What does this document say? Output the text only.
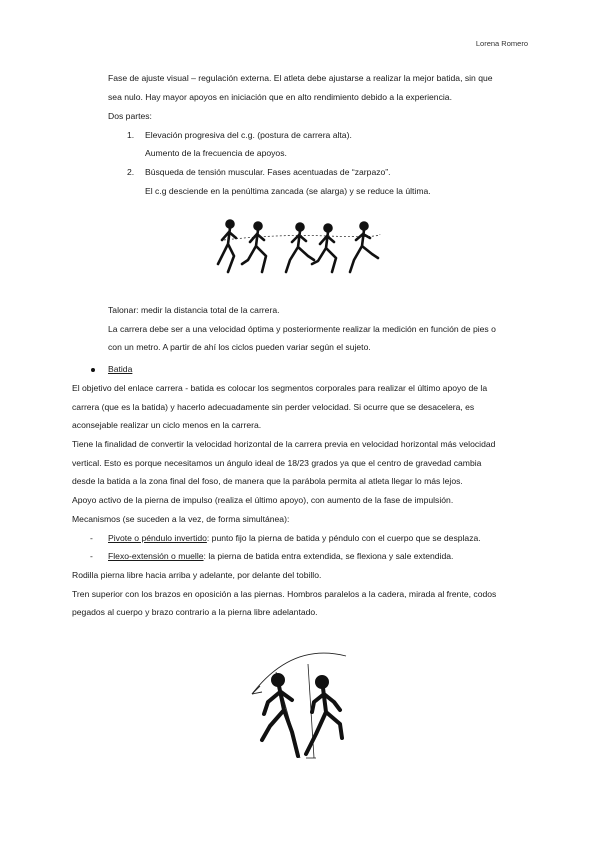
Lorena Romero
Fase de ajuste visual – regulación externa. El atleta debe ajustarse a realizar la mejor batida, sin que
sea nulo. Hay mayor apoyos en iniciación que en alto rendimiento debido a la experiencia.
Dos partes:
1. Elevación progresiva del c.g. (postura de carrera alta).
Aumento de la frecuencia de apoyos.
2. Búsqueda de tensión muscular. Fases acentuadas de “zarpazo”.
El c.g desciende en la penúltima zancada (se alarga) y se reduce la última.
Talonar: medir la distancia total de la carrera.
La carrera debe ser a una velocidad óptima y posteriormente realizar la medición en función de pies o
con un metro. A partir de ahí los ciclos pueden variar según el sujeto.
Batida
El objetivo del enlace carrera - batida es colocar los segmentos corporales para realizar el último apoyo de la
carrera (que es la batida) y hacerlo adecuadamente sin perder velocidad. Si ocurre que se desacelera, es
aconsejable realizar un ciclo menos en la carrera.
Tiene la finalidad de convertir la velocidad horizontal de la carrera previa en velocidad horizontal más velocidad
vertical. Esto es porque necesitamos un ángulo ideal de 18/23 grados ya que el centro de gravedad cambia
desde la batida a la zona final del foso, de manera que la parábola permita al atleta llegar lo más lejos.
Apoyo activo de la pierna de impulso (realiza el último apoyo), con aumento de la fase de impulsión.
Mecanismos (se suceden a la vez, de forma simultánea):
- Pivote o péndulo invertido: punto fijo la pierna de batida y péndulo con el cuerpo que se desplaza.
- Flexo-extensión o muelle: la pierna de batida entra extendida, se flexiona y sale extendida.
Rodilla pierna libre hacia arriba y adelante, por delante del tobillo.
Tren superior con los brazos en oposición a las piernas. Hombros paralelos a la cadera, mirada al frente, codos
pegados al cuerpo y brazo contrario a la pierna libre adelantado.
